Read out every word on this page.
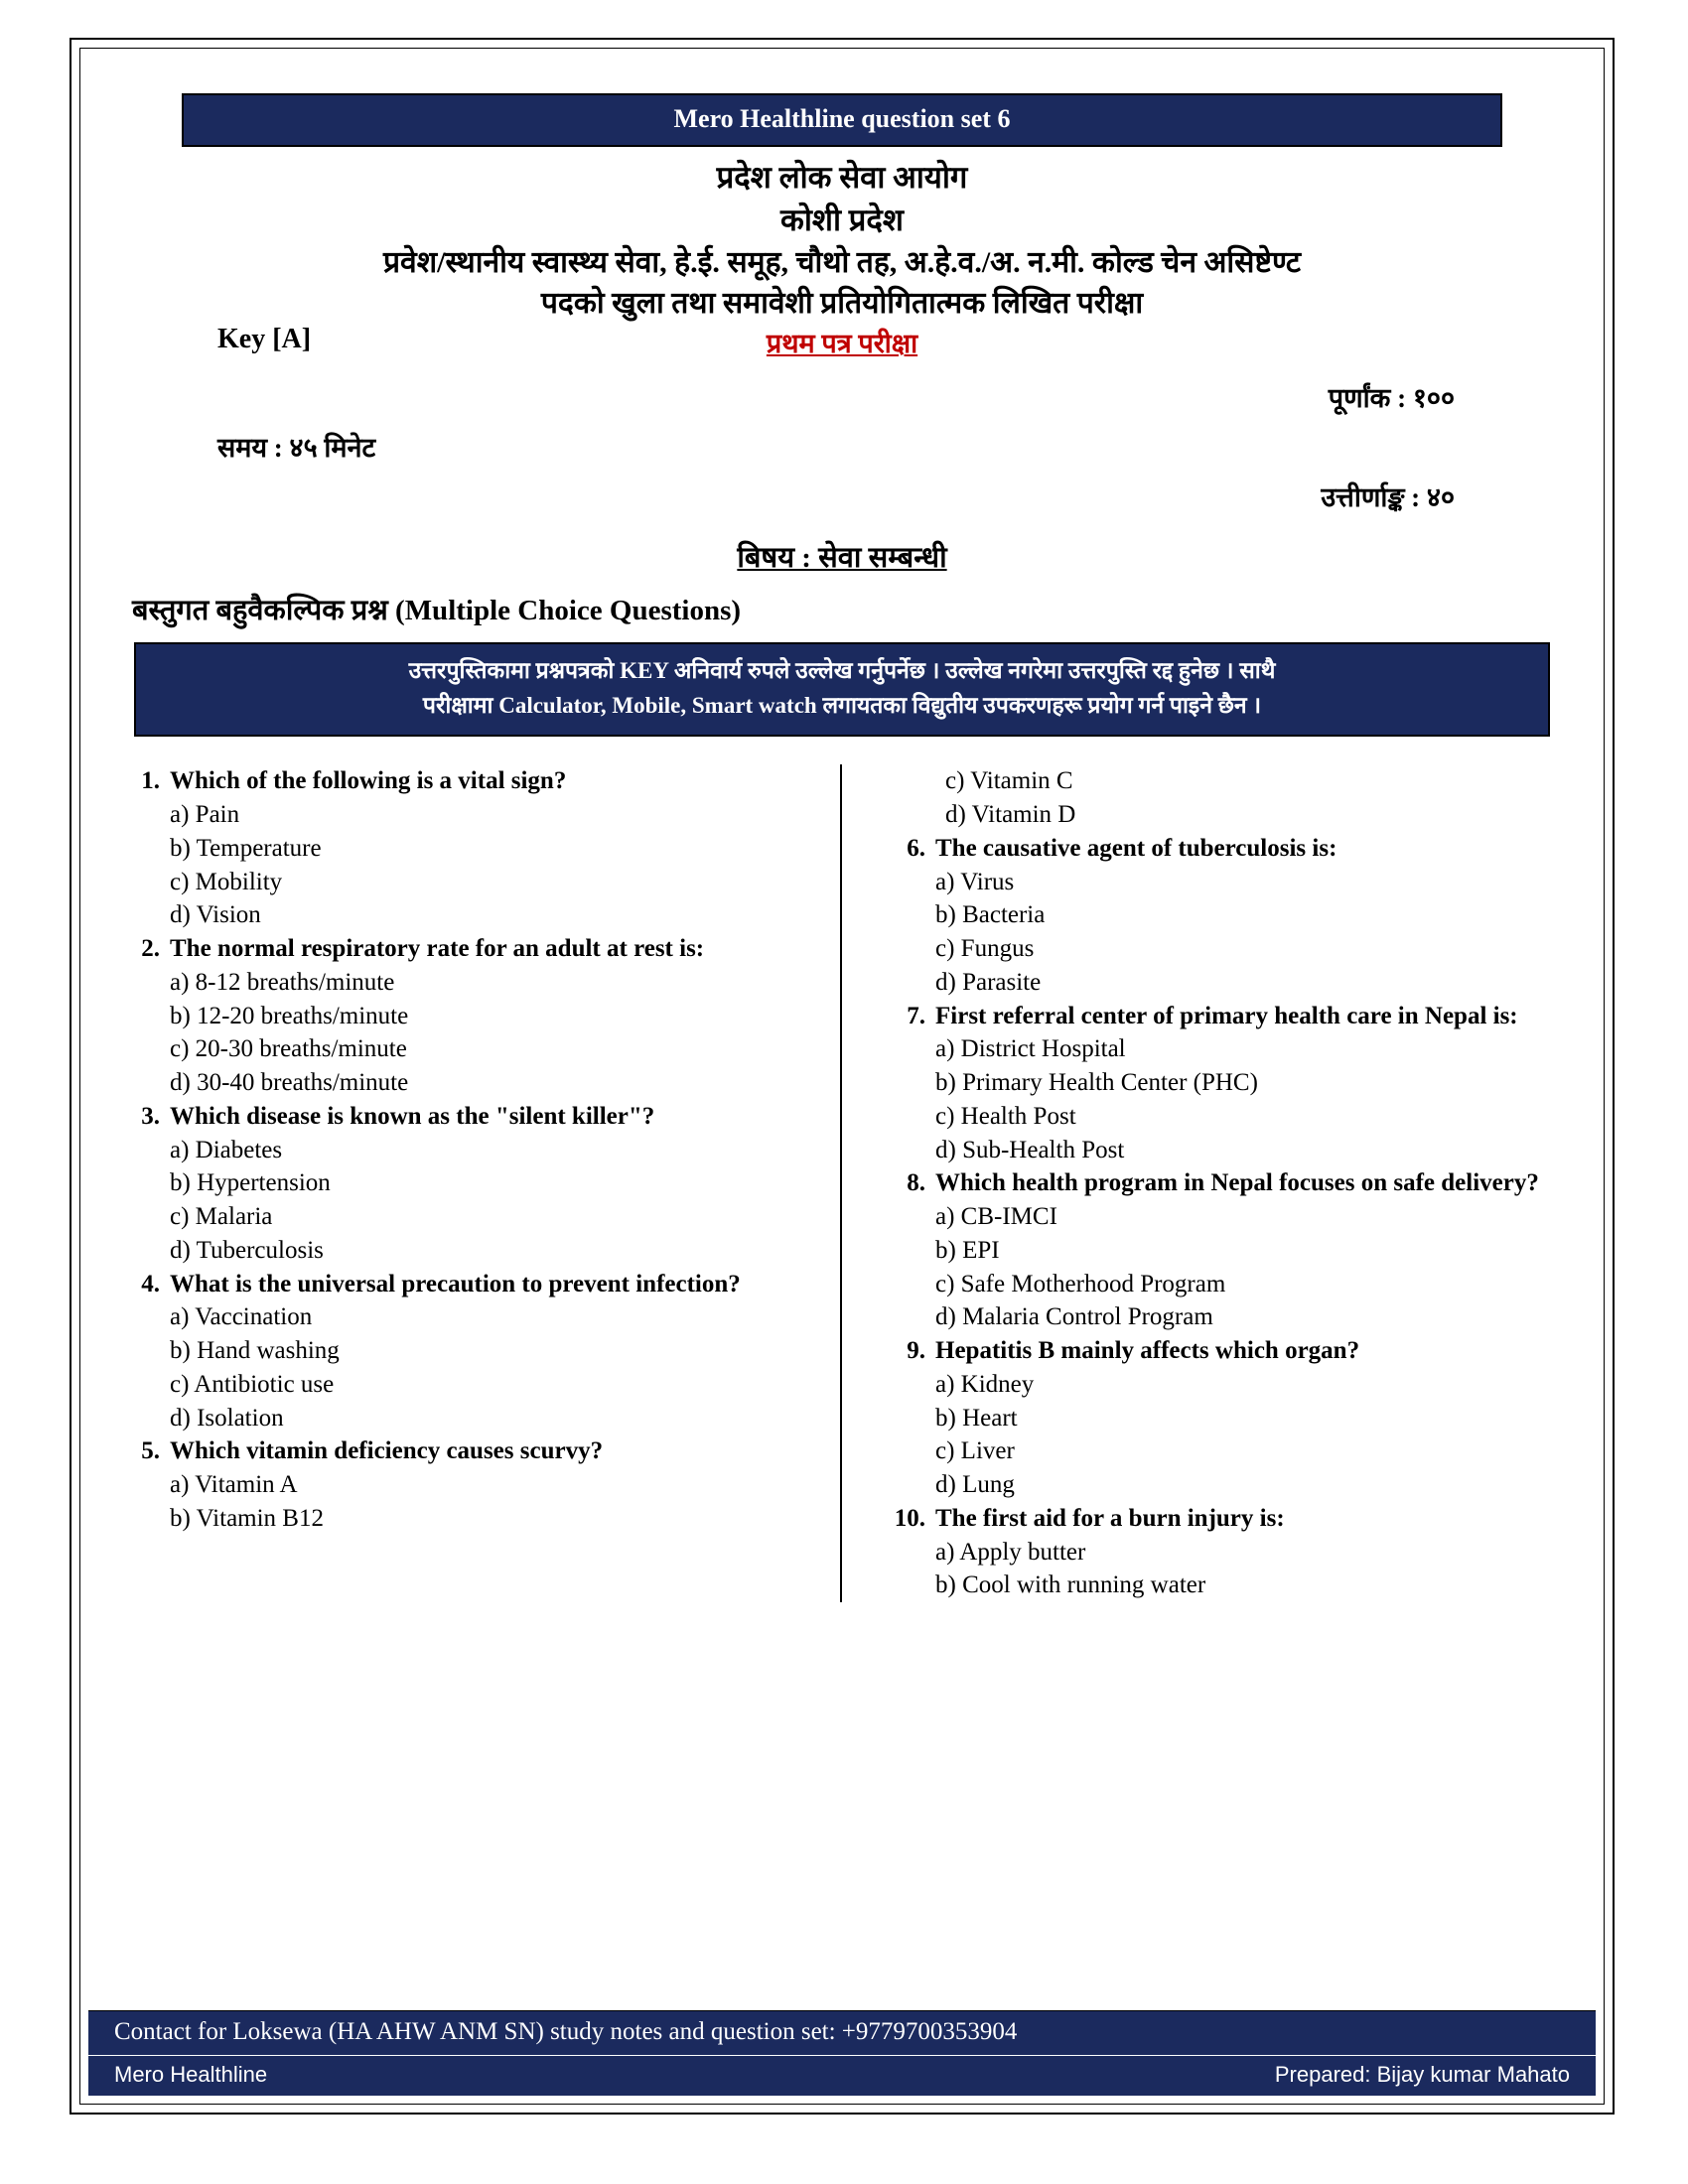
Mero Healthline question set 6
प्रदेश लोक सेवा आयोग
कोशी प्रदेश
प्रवेश/स्थानीय स्वास्थ्य सेवा, हे.ई. समूह, चौथो तह, अ.हे.व./अ. न.मी. कोल्ड चेन असिष्टेण्ट
पदको खुला तथा समावेशी प्रतियोगितात्मक लिखित परीक्षा
Key [A]	प्रथम पत्र परीक्षा
पूर्णांक : १००
समय : ४५ मिनेट
उत्तीर्णाङ्क : ४०
बिषय : सेवा सम्बन्धी
बस्तुगत बहुवैकल्पिक प्रश्न (Multiple Choice Questions)
उत्तरपुस्तिकामा प्रश्नपत्रको KEY अनिवार्य रुपले उल्लेख गर्नुपर्नेछ । उल्लेख नगरेमा उत्तरपुस्ति रद्द हुनेछ । साथै
परीक्षामा Calculator, Mobile, Smart watch लगायतका विद्युतीय उपकरणहरू प्रयोग गर्न पाइने छैन ।
1. Which of the following is a vital sign?
a) Pain
b) Temperature
c) Mobility
d) Vision
2. The normal respiratory rate for an adult at rest is:
a) 8-12 breaths/minute
b) 12-20 breaths/minute
c) 20-30 breaths/minute
d) 30-40 breaths/minute
3. Which disease is known as the "silent killer"?
a) Diabetes
b) Hypertension
c) Malaria
d) Tuberculosis
4. What is the universal precaution to prevent infection?
a) Vaccination
b) Hand washing
c) Antibiotic use
d) Isolation
5. Which vitamin deficiency causes scurvy?
a) Vitamin A
b) Vitamin B12
c) Vitamin C
d) Vitamin D
6. The causative agent of tuberculosis is:
a) Virus
b) Bacteria
c) Fungus
d) Parasite
7. First referral center of primary health care in Nepal is:
a) District Hospital
b) Primary Health Center (PHC)
c) Health Post
d) Sub-Health Post
8. Which health program in Nepal focuses on safe delivery?
a) CB-IMCI
b) EPI
c) Safe Motherhood Program
d) Malaria Control Program
9. Hepatitis B mainly affects which organ?
a) Kidney
b) Heart
c) Liver
d) Lung
10. The first aid for a burn injury is:
a) Apply butter
b) Cool with running water
Contact for Loksewa (HA AHW ANM SN) study notes and question set: +9779700353904
Mero Healthline	Prepared: Bijay kumar Mahato
